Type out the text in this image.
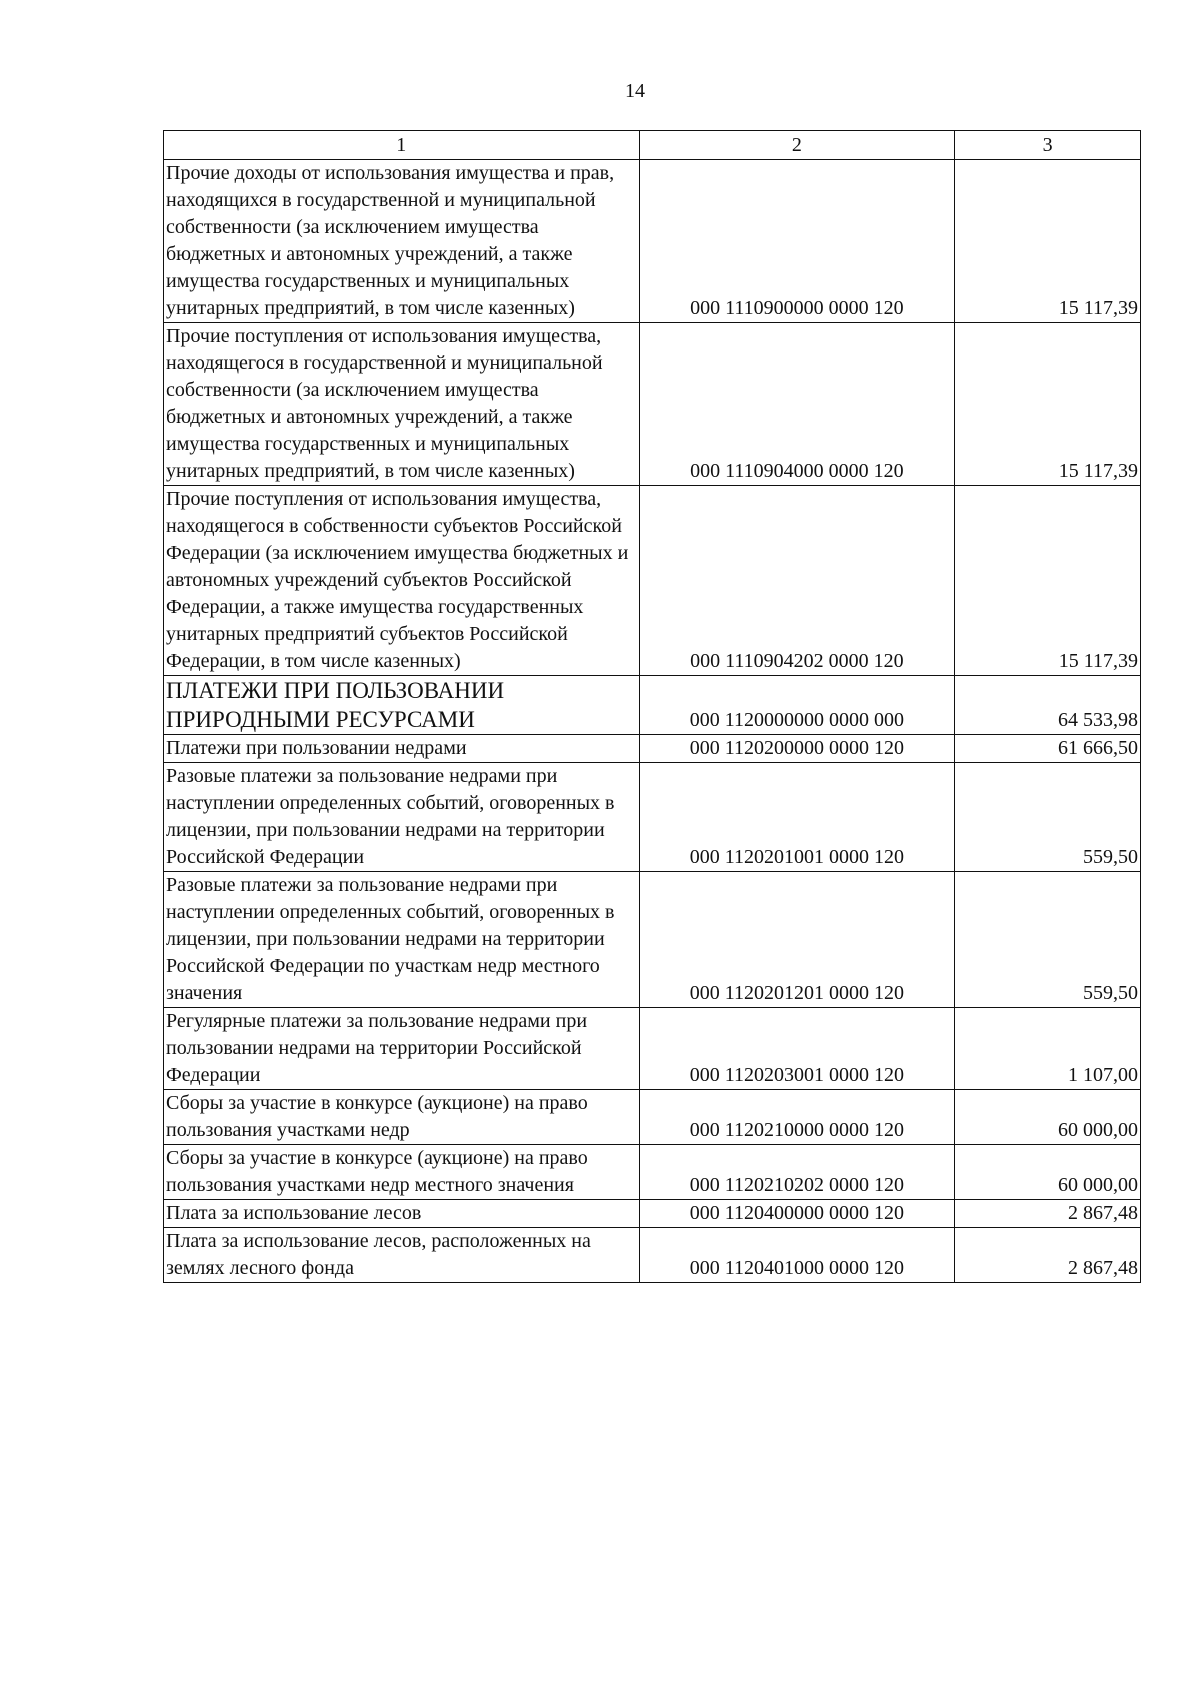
14
1	2	3
Прочие доходы от использования имущества и прав, находящихся в государственной и муниципальной собственности (за исключением имущества бюджетных и автономных учреждений, а также имущества государственных и муниципальных унитарных предприятий, в том числе казенных)	000 1110900000 0000 120	15 117,39
Прочие поступления от использования имущества, находящегося в государственной и муниципальной собственности (за исключением имущества бюджетных и автономных учреждений, а также имущества государственных и муниципальных унитарных предприятий, в том числе казенных)	000 1110904000 0000 120	15 117,39
Прочие поступления от использования имущества, находящегося в собственности субъектов Российской Федерации (за исключением имущества бюджетных и автономных учреждений субъектов Российской Федерации, а также имущества государственных унитарных предприятий субъектов Российской Федерации, в том числе казенных)	000 1110904202 0000 120	15 117,39
ПЛАТЕЖИ ПРИ ПОЛЬЗОВАНИИ ПРИРОДНЫМИ РЕСУРСАМИ	000 1120000000 0000 000	64 533,98
Платежи при пользовании недрами	000 1120200000 0000 120	61 666,50
Разовые платежи за пользование недрами при наступлении определенных событий, оговоренных в лицензии, при пользовании недрами на территории Российской Федерации	000 1120201001 0000 120	559,50
Разовые платежи за пользование недрами при наступлении определенных событий, оговоренных в лицензии, при пользовании недрами на территории Российской Федерации по участкам недр местного значения	000 1120201201 0000 120	559,50
Регулярные платежи за пользование недрами при пользовании недрами на территории Российской Федерации	000 1120203001 0000 120	1 107,00
Сборы за участие в конкурсе (аукционе) на право пользования участками недр	000 1120210000 0000 120	60 000,00
Сборы за участие в конкурсе (аукционе) на право пользования участками недр местного значения	000 1120210202 0000 120	60 000,00
Плата за использование лесов	000 1120400000 0000 120	2 867,48
Плата за использование лесов, расположенных на землях лесного фонда	000 1120401000 0000 120	2 867,48
